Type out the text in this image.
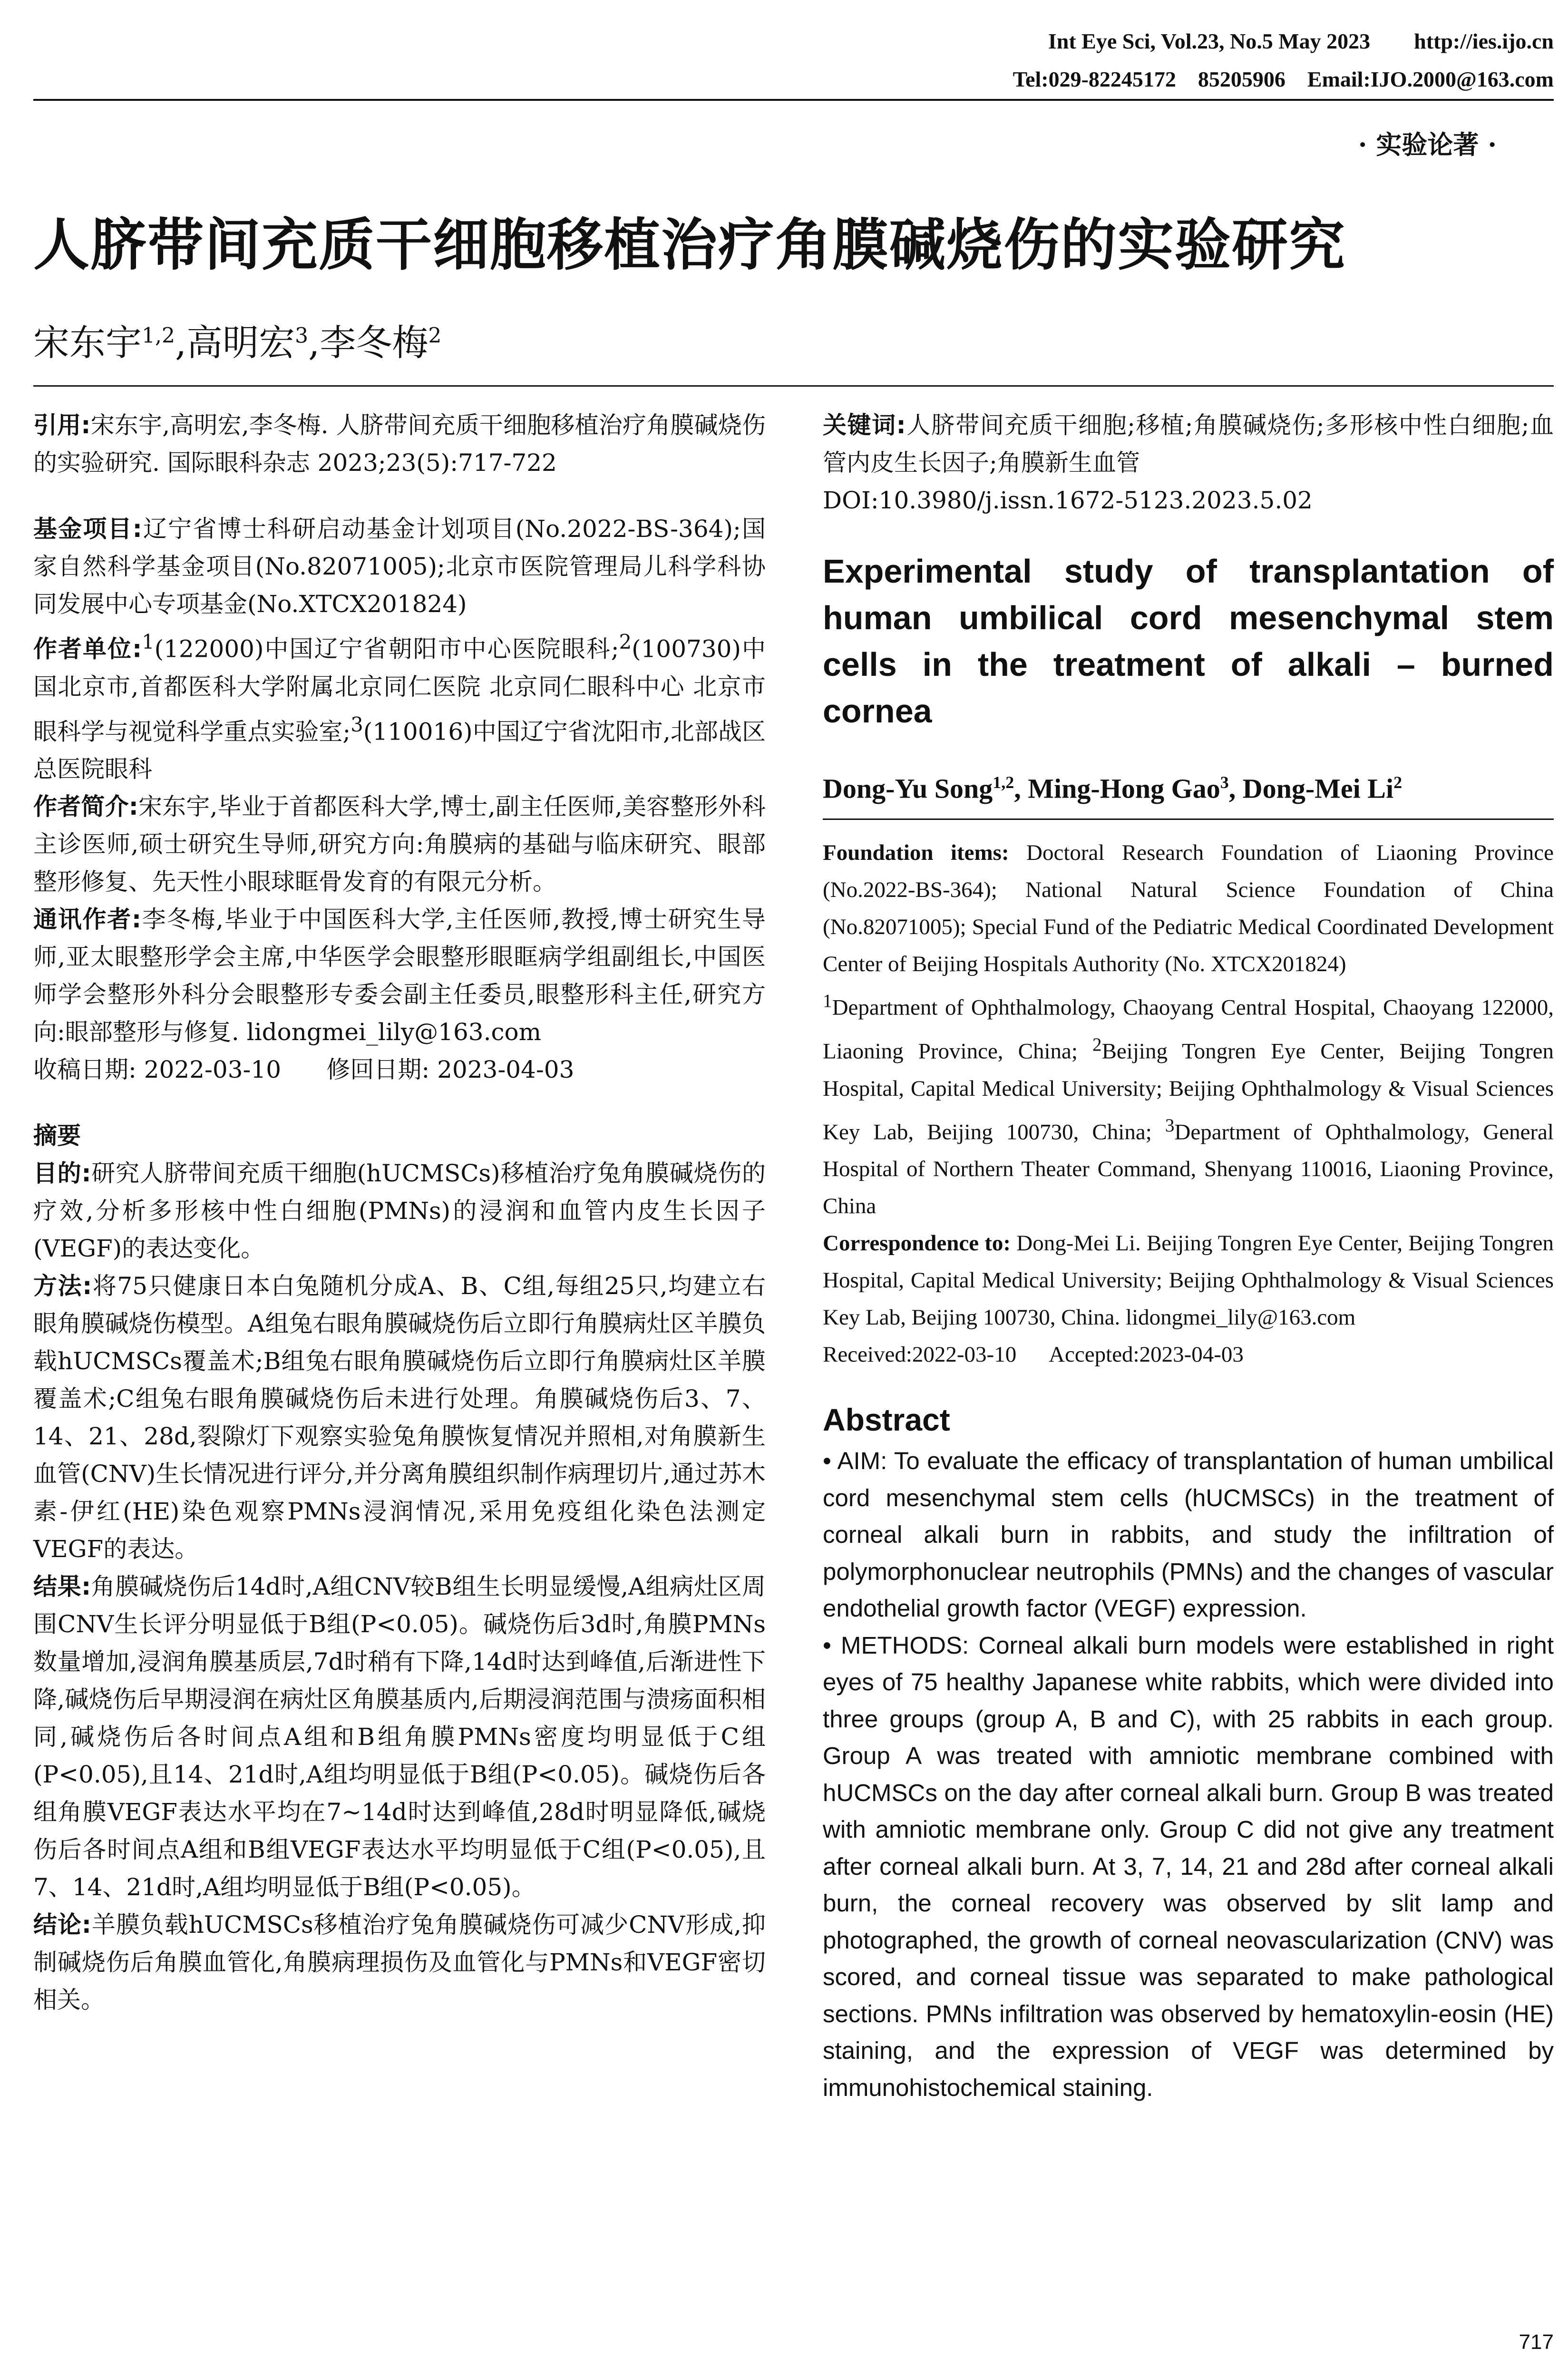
Int Eye Sci, Vol.23, No.5 May 2023        http://ies.ijo.cn
Tel:029-82245172    85205906    Email:IJO.2000@163.com
· 实验论著 ·
人脐带间充质干细胞移植治疗角膜碱烧伤的实验研究
宋东宇$^{1,2}$,高明宏$^3$,李冬梅$^2$

引用:宋东宇,高明宏,李冬梅. 人脐带间充质干细胞移植治疗角膜碱烧伤的实验研究. 国际眼科杂志 2023;23(5):717-722

基金项目:辽宁省博士科研启动基金计划项目(No.2022-BS-364);国家自然科学基金项目(No.82071005);北京市医院管理局儿科学科协同发展中心专项基金(No.XTCX201824)

作者单位:$^1$(122000)中国辽宁省朝阳市中心医院眼科;$^2$(100730)中国北京市,首都医科大学附属北京同仁医院 北京同仁眼科中心 北京市眼科学与视觉科学重点实验室;$^3$(110016)中国辽宁省沈阳市,北部战区总医院眼科

作者简介:宋东宇,毕业于首都医科大学,博士,副主任医师,美容整形外科主诊医师,硕士研究生导师,研究方向:角膜病的基础与临床研究、眼部整形修复、先天性小眼球眶骨发育的有限元分析。

通讯作者:李冬梅,毕业于中国医科大学,主任医师,教授,博士研究生导师,亚太眼整形学会主席,中华医学会眼整形眼眶病学组副组长,中国医师学会整形外科分会眼整形专委会副主任委员,眼整形科主任,研究方向:眼部整形与修复. lidongmei_lily@163.com

收稿日期: 2022-03-10      修回日期: 2023-04-03

摘要

目的:研究人脐带间充质干细胞(hUCMSCs)移植治疗兔角膜碱烧伤的疗效,分析多形核中性白细胞(PMNs)的浸润和血管内皮生长因子(VEGF)的表达变化。

方法:将75只健康日本白兔随机分成A、B、C组,每组25只,均建立右眼角膜碱烧伤模型。A组兔右眼角膜碱烧伤后立即行角膜病灶区羊膜负载hUCMSCs覆盖术;B组兔右眼角膜碱烧伤后立即行角膜病灶区羊膜覆盖术;C组兔右眼角膜碱烧伤后未进行处理。角膜碱烧伤后3、7、14、21、28d,裂隙灯下观察实验兔角膜恢复情况并照相,对角膜新生血管(CNV)生长情况进行评分,并分离角膜组织制作病理切片,通过苏木素-伊红(HE)染色观察PMNs浸润情况,采用免疫组化染色法测定VEGF的表达。

结果:角膜碱烧伤后14d时,A组CNV较B组生长明显缓慢,A组病灶区周围CNV生长评分明显低于B组(P<0.05)。碱烧伤后3d时,角膜PMNs数量增加,浸润角膜基质层,7d时稍有下降,14d时达到峰值,后渐进性下降,碱烧伤后早期浸润在病灶区角膜基质内,后期浸润范围与溃疡面积相同,碱烧伤后各时间点A组和B组角膜PMNs密度均明显低于C组(P<0.05),且14、21d时,A组均明显低于B组(P<0.05)。碱烧伤后各组角膜VEGF表达水平均在7~14d时达到峰值,28d时明显降低,碱烧伤后各时间点A组和B组VEGF表达水平均明显低于C组(P<0.05),且7、14、21d时,A组均明显低于B组(P<0.05)。

结论:羊膜负载hUCMSCs移植治疗兔角膜碱烧伤可减少CNV形成,抑制碱烧伤后角膜血管化,角膜病理损伤及血管化与PMNs和VEGF密切相关。

关键词:人脐带间充质干细胞;移植;角膜碱烧伤;多形核中性白细胞;血管内皮生长因子;角膜新生血管

DOI:10.3980/j.issn.1672-5123.2023.5.02

Experimental study of transplantation of human umbilical cord mesenchymal stem cells in the treatment of alkali – burned cornea

Dong-Yu Song$^{1,2}$, Ming-Hong Gao$^3$, Dong-Mei Li$^2$

Foundation items: Doctoral Research Foundation of Liaoning Province (No.2022-BS-364); National Natural Science Foundation of China (No.82071005); Special Fund of the Pediatric Medical Coordinated Development Center of Beijing Hospitals Authority (No. XTCX201824)

$^1$Department of Ophthalmology, Chaoyang Central Hospital, Chaoyang 122000, Liaoning Province, China; $^2$Beijing Tongren Eye Center, Beijing Tongren Hospital, Capital Medical University; Beijing Ophthalmology & Visual Sciences Key Lab, Beijing 100730, China; $^3$Department of Ophthalmology, General Hospital of Northern Theater Command, Shenyang 110016, Liaoning Province, China

Correspondence to: Dong-Mei Li. Beijing Tongren Eye Center, Beijing Tongren Hospital, Capital Medical University; Beijing Ophthalmology & Visual Sciences Key Lab, Beijing 100730, China. lidongmei_lily@163.com

Received:2022-03-10      Accepted:2023-04-03

Abstract

• AIM: To evaluate the efficacy of transplantation of human umbilical cord mesenchymal stem cells (hUCMSCs) in the treatment of corneal alkali burn in rabbits, and study the infiltration of polymorphonuclear neutrophils (PMNs) and the changes of vascular endothelial growth factor (VEGF) expression.

• METHODS: Corneal alkali burn models were established in right eyes of 75 healthy Japanese white rabbits, which were divided into three groups (group A, B and C), with 25 rabbits in each group. Group A was treated with amniotic membrane combined with hUCMSCs on the day after corneal alkali burn. Group B was treated with amniotic membrane only. Group C did not give any treatment after corneal alkali burn. At 3, 7, 14, 21 and 28d after corneal alkali burn, the corneal recovery was observed by slit lamp and photographed, the growth of corneal neovascularization (CNV) was scored, and corneal tissue was separated to make pathological sections. PMNs infiltration was observed by hematoxylin-eosin (HE) staining, and the expression of VEGF was determined by immunohistochemical staining.

717
